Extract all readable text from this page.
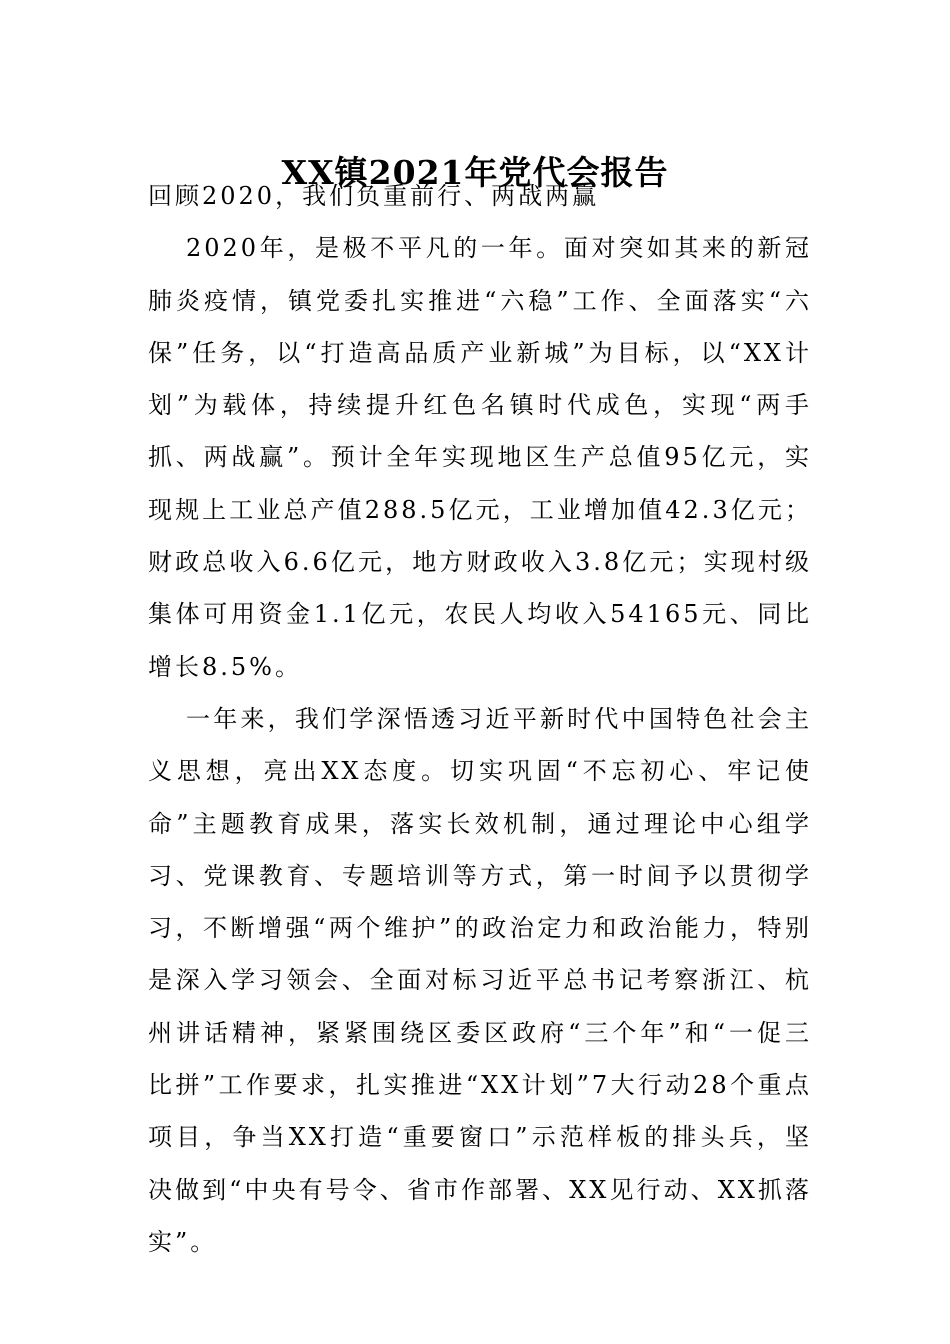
XX镇2021年党代会报告

回顾2020，我们负重前行、两战两赢

2020年，是极不平凡的一年。面对突如其来的新冠肺炎疫情，镇党委扎实推进“六稳”工作、全面落实“六保”任务，以“打造高品质产业新城”为目标，以“XX计划”为载体，持续提升红色名镇时代成色，实现“两手抓、两战赢”。预计全年实现地区生产总值95亿元，实现规上工业总产值288.5亿元，工业增加值42.3亿元；财政总收入6.6亿元，地方财政收入3.8亿元；实现村级集体可用资金1.1亿元，农民人均收入54165元、同比增长8.5%。

一年来，我们学深悟透习近平新时代中国特色社会主义思想，亮出XX态度。切实巩固“不忘初心、牢记使命”主题教育成果，落实长效机制，通过理论中心组学习、党课教育、专题培训等方式，第一时间予以贯彻学习，不断增强“两个维护”的政治定力和政治能力，特别是深入学习领会、全面对标习近平总书记考察浙江、杭州讲话精神，紧紧围绕区委区政府“三个年”和“一促三比拼”工作要求，扎实推进“XX计划”7大行动28个重点项目，争当XX打造“重要窗口”示范样板的排头兵，坚决做到“中央有号令、省市作部署、XX见行动、XX抓落实”。
